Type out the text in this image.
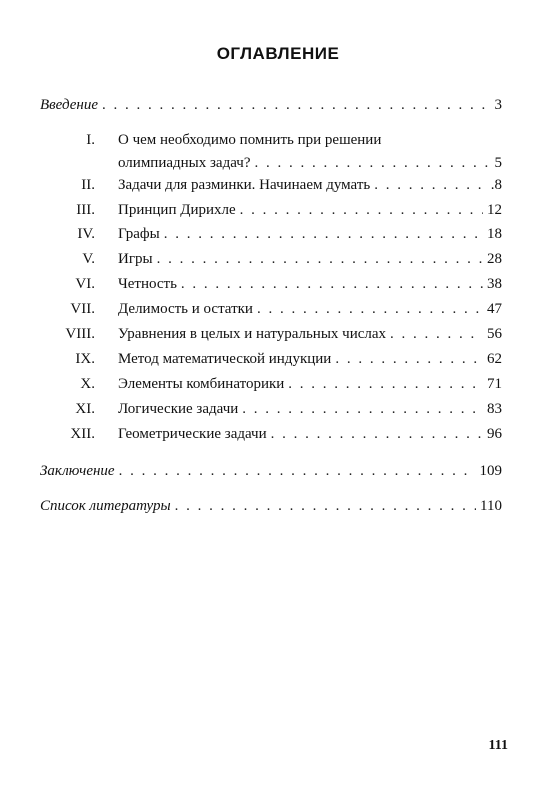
ОГЛАВЛЕНИЕ
Введение . . .	3
I.	О чем необходимо помнить при решении
олимпиадных задач? . . .	5
II.	Задачи для разминки. Начинаем думать . . .	.8
III.	Принцип Дирихле . . .	12
IV.	Графы . . .	18
V.	Игры . . .	28
VI.	Четность . . .	38
VII.	Делимость и остатки . . .	47
VIII.	Уравнения в целых и натуральных числах . . .	56
IX.	Метод математической индукции . . .	62
X.	Элементы комбинаторики . . .	71
XI.	Логические задачи . . .	83
XII.	Геометрические задачи . . .	96
Заключение . . .	109
Список литературы . . .	110
111
